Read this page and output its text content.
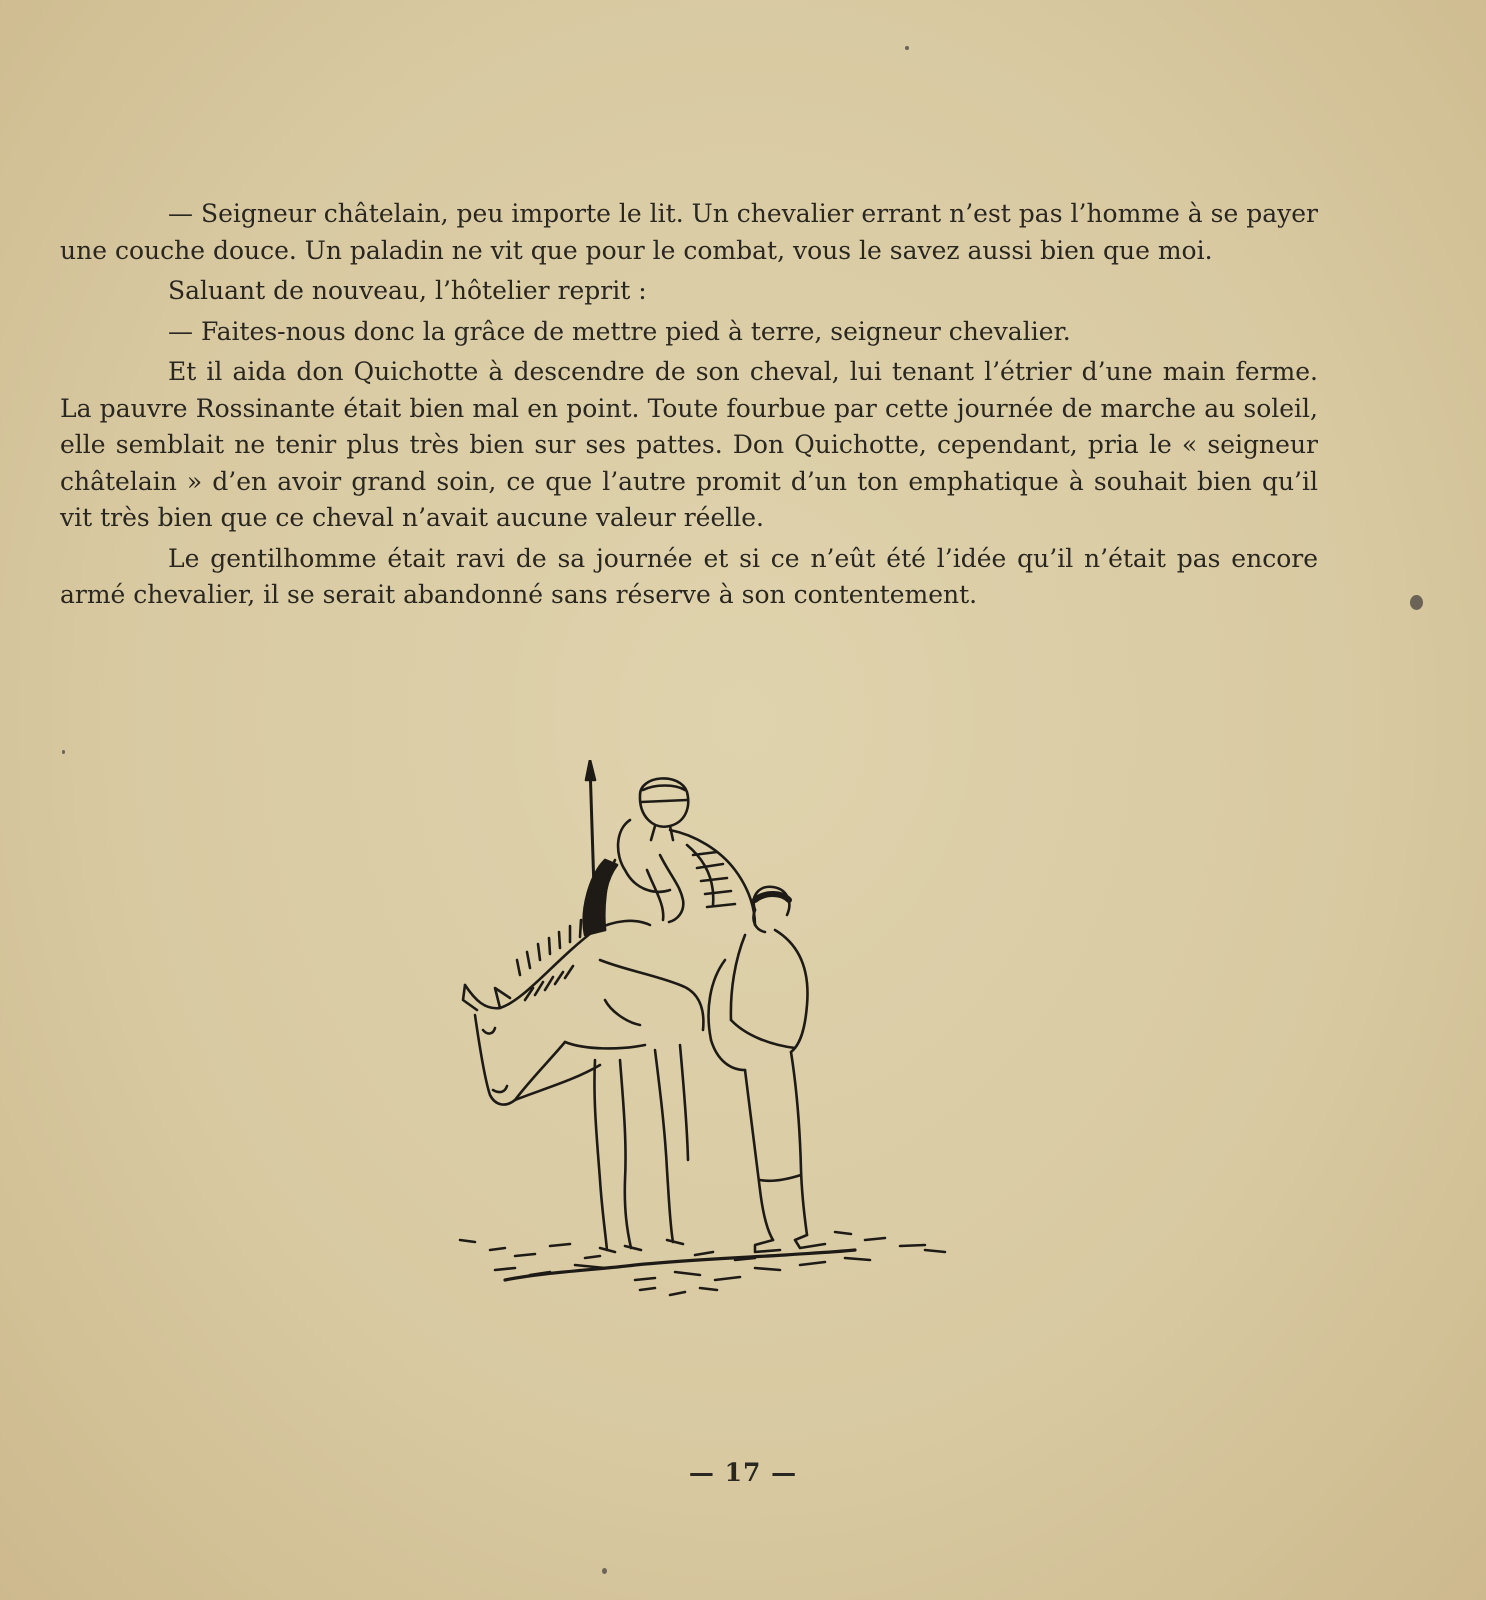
— Seigneur châtelain, peu importe le lit. Un chevalier errant n’est pas l’homme à se payer une couche douce. Un paladin ne vit que pour le combat, vous le savez aussi bien que moi.

Saluant de nouveau, l’hôtelier reprit :

— Faites-nous donc la grâce de mettre pied à terre, seigneur chevalier.

Et il aida don Quichotte à descendre de son cheval, lui tenant l’étrier d’une main ferme. La pauvre Rossinante était bien mal en point. Toute fourbue par cette journée de marche au soleil, elle semblait ne tenir plus très bien sur ses pattes. Don Quichotte, cependant, pria le « seigneur châtelain » d’en avoir grand soin, ce que l’autre promit d’un ton emphatique à souhait bien qu’il vit très bien que ce cheval n’avait aucune valeur réelle.

Le gentilhomme était ravi de sa journée et si ce n’eût été l’idée qu’il n’était pas encore armé chevalier, il se serait abandonné sans réserve à son contentement.

— 17 —
